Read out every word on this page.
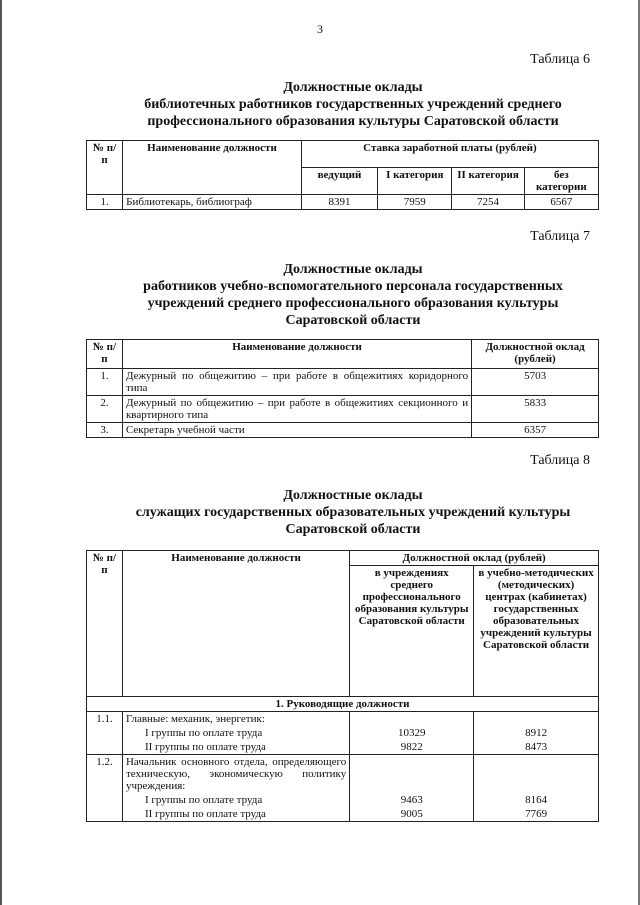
3
Таблица 6
Должностные оклады
библиотечных работников государственных учреждений среднего
профессионального образования культуры Саратовской области
№ п/п	Наименование должности	Ставка заработной платы (рублей)			
		ведущий	I категория	II категория	без категории
1.	Библиотекарь, библиограф	8391	7959	7254	6567
Таблица 7
Должностные оклады
работников учебно-вспомогательного персонала государственных
учреждений среднего профессионального образования культуры
Саратовской области
№ п/п	Наименование должности	Должностной оклад (рублей)
1.	Дежурный по общежитию – при работе в общежитиях коридорного типа	5703
2.	Дежурный по общежитию – при работе в общежитиях секционного и квартирного типа	5833
3.	Секретарь учебной части	6357
Таблица 8
Должностные оклады
служащих государственных образовательных учреждений культуры
Саратовской области
№ п/п	Наименование должности	Должностной оклад (рублей)	
		в учреждениях среднего профессионального образования культуры Саратовской области	в учебно-методических (методических) центрах (кабинетах) государственных образовательных учреждений культуры Саратовской области
1. Руководящие должности			
1.1.	Главные: механик, энергетик:		
	I группы по оплате труда	10329	8912
	II группы по оплате труда	9822	8473
1.2.	Начальник основного отдела, определяющего техническую, экономическую политику учреждения:		
	I группы по оплате труда	9463	8164
	II группы по оплате труда	9005	7769
